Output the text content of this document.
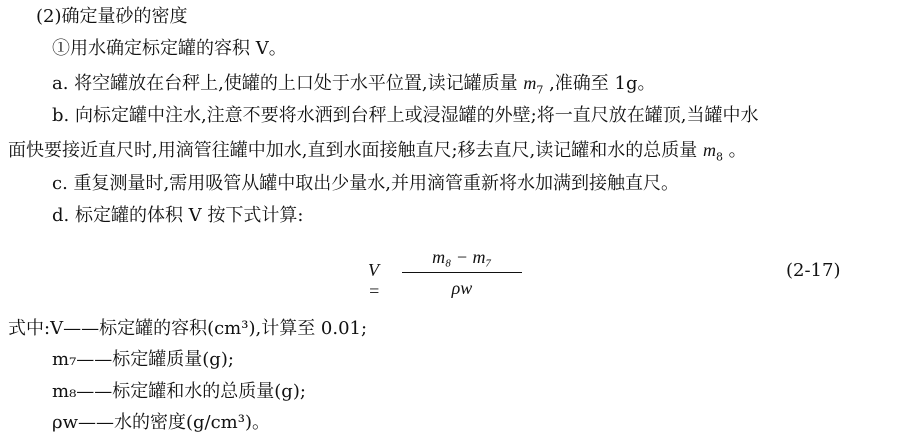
(2)确定量砂的密度
①用水确定标定罐的容积 V。
a. 将空罐放在台秤上,使罐的上口处于水平位置,读记罐质量 $m_7$ ,准确至 1g。
b. 向标定罐中注水,注意不要将水洒到台秤上或浸湿罐的外壁;将一直尺放在罐顶,当罐中水
面快要接近直尺时,用滴管往罐中加水,直到水面接触直尺;移去直尺,读记罐和水的总质量 $m_8$ 。
c. 重复测量时,需用吸管从罐中取出少量水,并用滴管重新将水加满到接触直尺。
d. 标定罐的体积 V 按下式计算:
V =
m₈ − m₇
ρw
(2-17)
式中:V——标定罐的容积(cm³),计算至 0.01;
m₇——标定罐质量(g);
m₈——标定罐和水的总质量(g);
ρw——水的密度(g/cm³)。
